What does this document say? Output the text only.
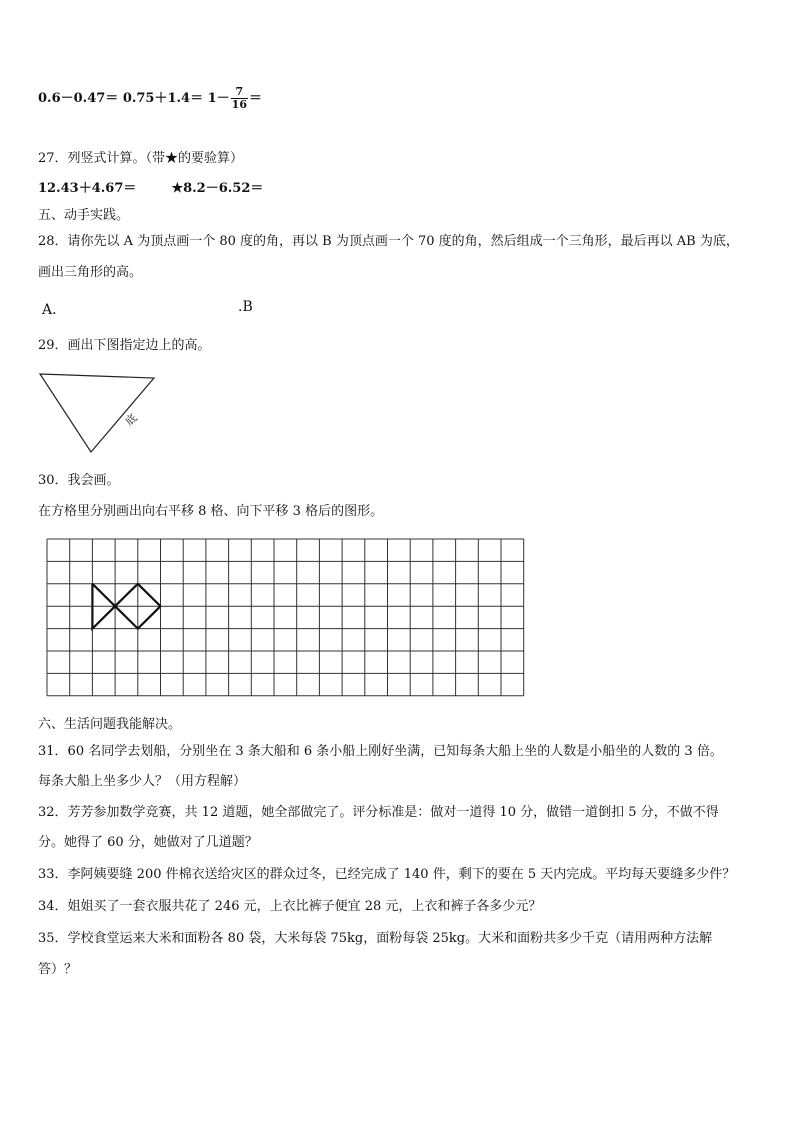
$0.6-0.47= 0.75+1.4= 1- \frac{7}{16}$ ＝
27．列竖式计算。（带★的要验算）
12.43＋4.67＝	★8.2－6.52＝
五、动手实践。
28．请你先以 A 为顶点画一个 80 度的角，再以 B 为顶点画一个 70 度的角，然后组成一个三角形，最后再以 AB 为底，
画出三角形的高。
A．	.B
29．画出下图指定边上的高。
底
30．我会画。
在方格里分别画出向右平移 8 格、向下平移 3 格后的图形。
六、生活问题我能解决。
31．60 名同学去划船，分别坐在 3 条大船和 6 条小船上刚好坐满，已知每条大船上坐的人数是小船坐的人数的 3 倍。
每条大船上坐多少人？（用方程解）
32．芳芳参加数学竞赛，共 12 道题，她全部做完了。评分标准是：做对一道得 10 分，做错一道倒扣 5 分，不做不得
分。她得了 60 分，她做对了几道题？
33．李阿姨要缝 200 件棉衣送给灾区的群众过冬，已经完成了 140 件，剩下的要在 5 天内完成。平均每天要缝多少件？
34．姐姐买了一套衣服共花了 246 元，上衣比裤子便宜 28 元，上衣和裤子各多少元？
35．学校食堂运来大米和面粉各 80 袋，大米每袋 75kg，面粉每袋 25kg。大米和面粉共多少千克（请用两种方法解
答）？
